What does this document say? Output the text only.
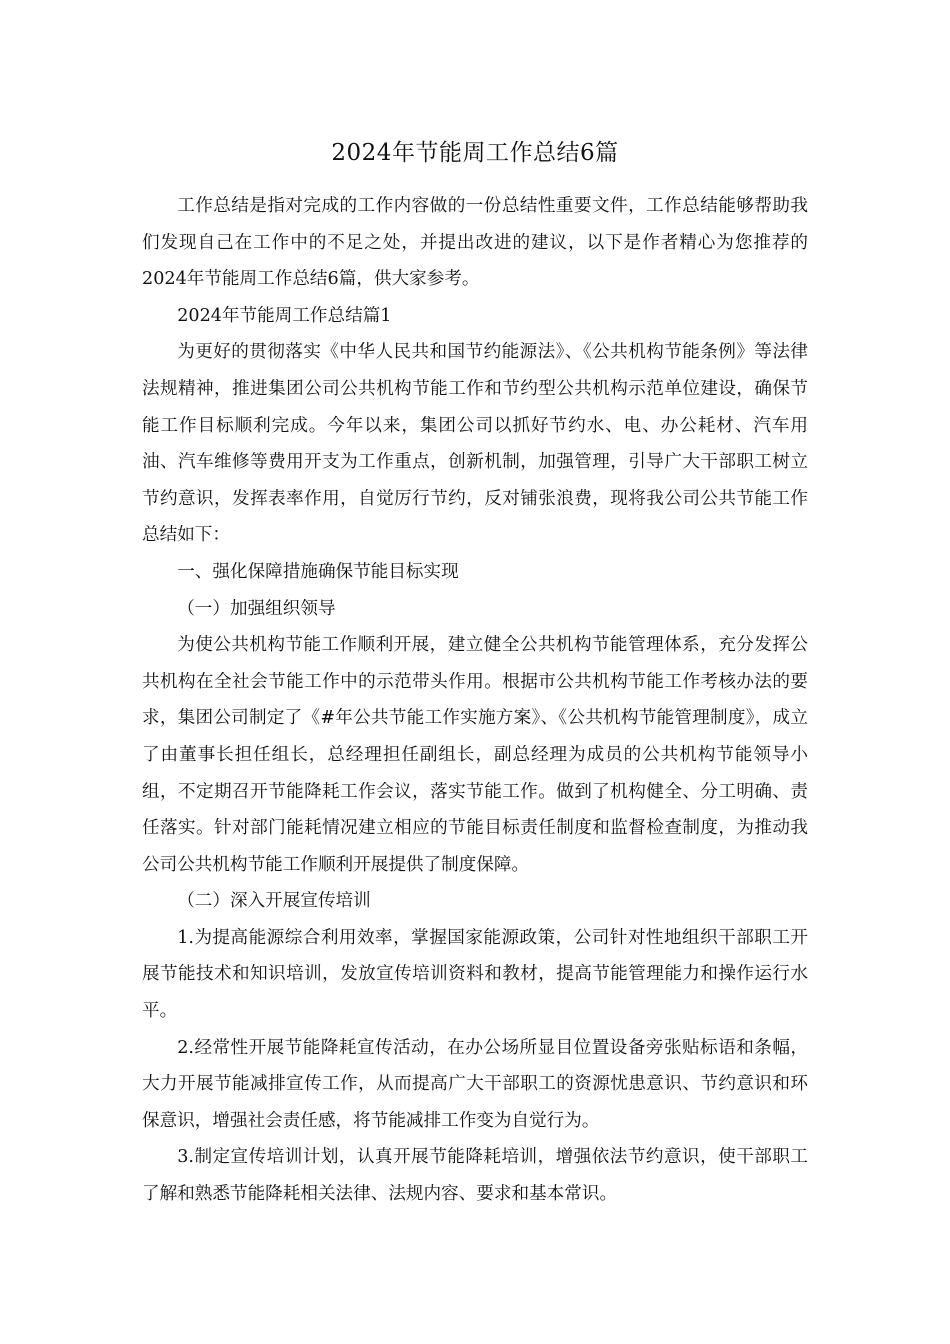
2024年节能周工作总结6篇

工作总结是指对完成的工作内容做的一份总结性重要文件，工作总结能够帮助我们发现自己在工作中的不足之处，并提出改进的建议，以下是作者精心为您推荐的2024年节能周工作总结6篇，供大家参考。

2024年节能周工作总结篇1

为更好的贯彻落实《中华人民共和国节约能源法》、《公共机构节能条例》等法律法规精神，推进集团公司公共机构节能工作和节约型公共机构示范单位建设，确保节能工作目标顺利完成。今年以来，集团公司以抓好节约水、电、办公耗材、汽车用油、汽车维修等费用开支为工作重点，创新机制，加强管理，引导广大干部职工树立节约意识，发挥表率作用，自觉厉行节约，反对铺张浪费，现将我公司公共节能工作总结如下：

一、强化保障措施确保节能目标实现

（一）加强组织领导

为使公共机构节能工作顺利开展，建立健全公共机构节能管理体系，充分发挥公共机构在全社会节能工作中的示范带头作用。根据市公共机构节能工作考核办法的要求，集团公司制定了《#年公共节能工作实施方案》、《公共机构节能管理制度》，成立了由董事长担任组长，总经理担任副组长，副总经理为成员的公共机构节能领导小组，不定期召开节能降耗工作会议，落实节能工作。做到了机构健全、分工明确、责任落实。针对部门能耗情况建立相应的节能目标责任制度和监督检查制度，为推动我公司公共机构节能工作顺利开展提供了制度保障。

（二）深入开展宣传培训

1.为提高能源综合利用效率，掌握国家能源政策，公司针对性地组织干部职工开展节能技术和知识培训，发放宣传培训资料和教材，提高节能管理能力和操作运行水平。

2.经常性开展节能降耗宣传活动，在办公场所显目位置设备旁张贴标语和条幅，大力开展节能减排宣传工作，从而提高广大干部职工的资源忧患意识、节约意识和环保意识，增强社会责任感，将节能减排工作变为自觉行为。

3.制定宣传培训计划，认真开展节能降耗培训，增强依法节约意识，使干部职工了解和熟悉节能降耗相关法律、法规内容、要求和基本常识。
